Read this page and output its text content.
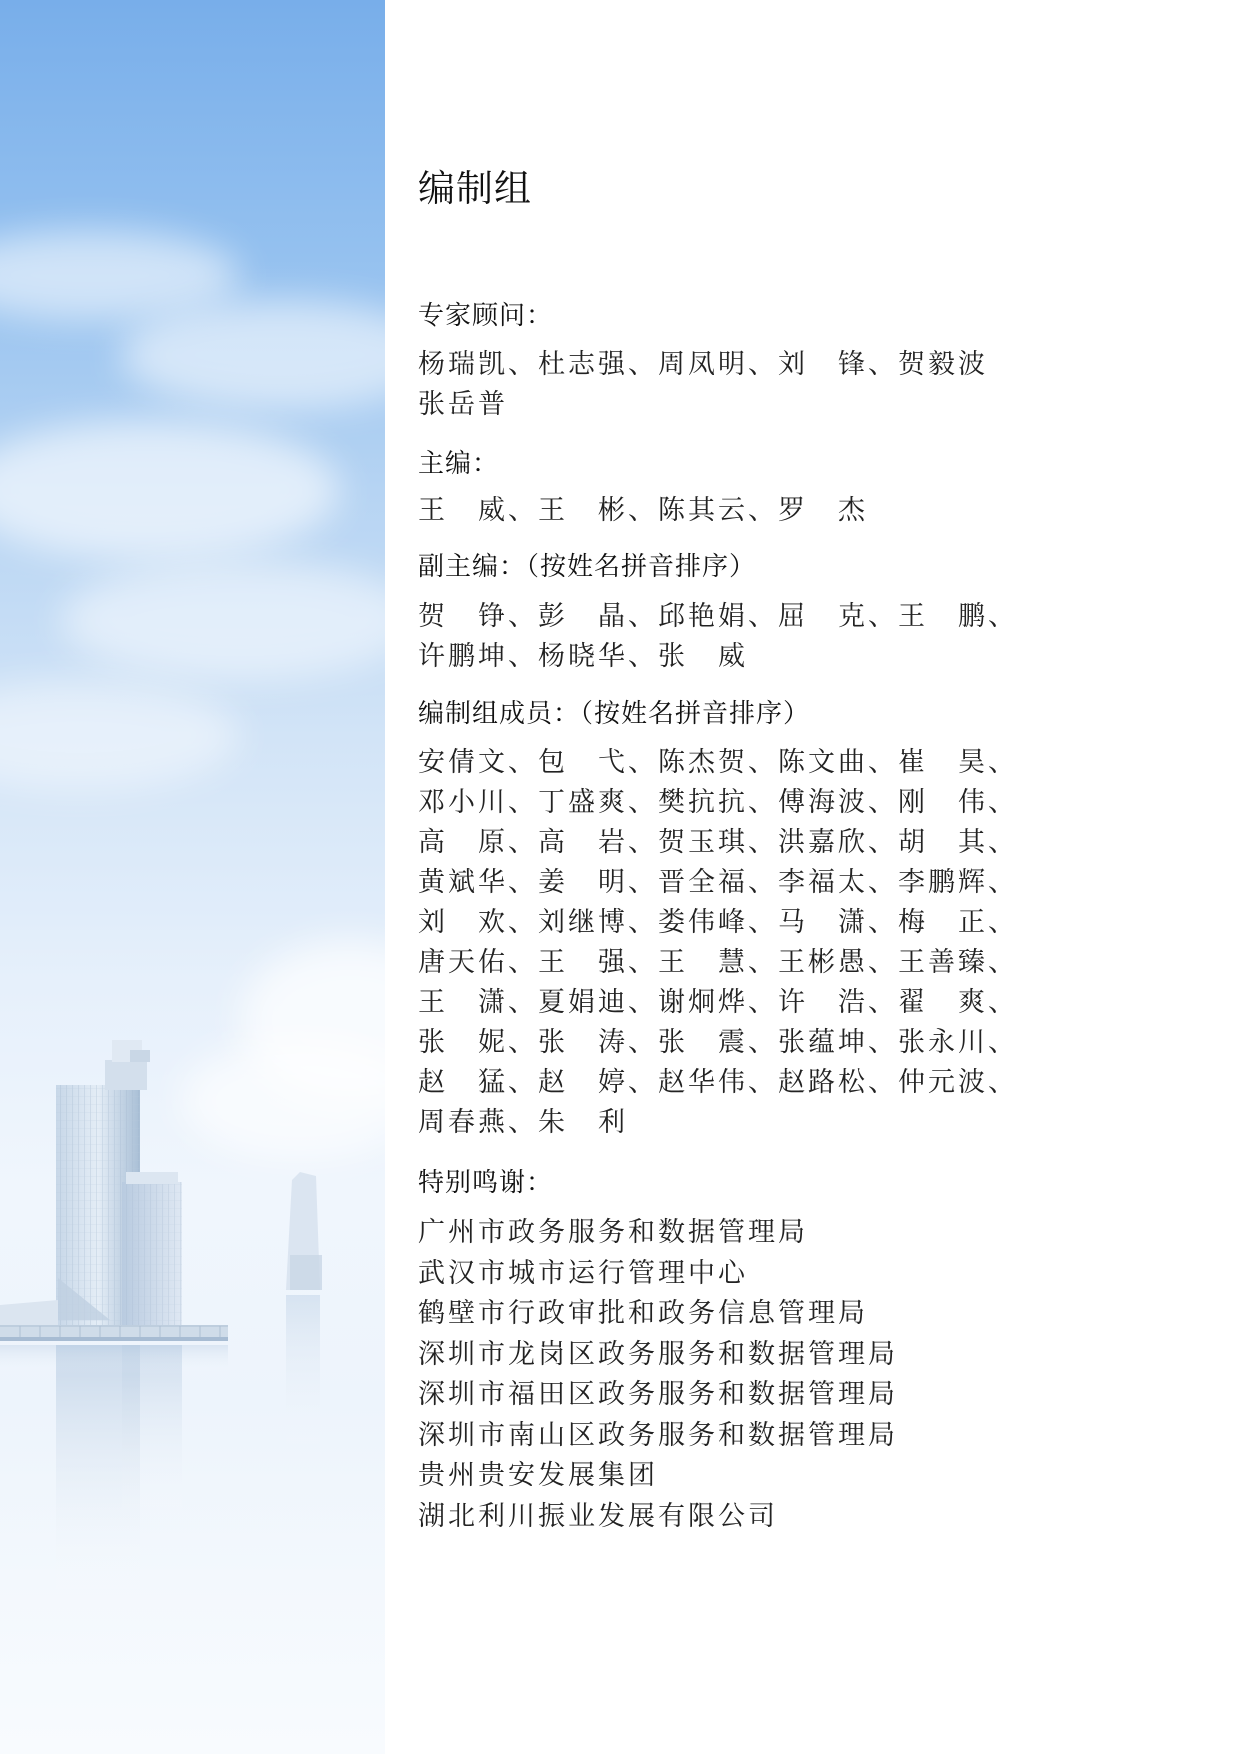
编制组
专家顾问：
杨瑞凯、杜志强、周凤明、刘　锋、贺毅波
张岳普
主编：
王　威、王　彬、陈其云、罗　杰
副主编：（按姓名拼音排序）
贺　铮、彭　晶、邱艳娟、屈　克、王　鹏、
许鹏坤、杨晓华、张　威
编制组成员：（按姓名拼音排序）
安倩文、包　弋、陈杰贺、陈文曲、崔　昊、
邓小川、丁盛爽、樊抗抗、傅海波、刚　伟、
高　原、高　岩、贺玉琪、洪嘉欣、胡　其、
黄斌华、姜　明、晋全福、李福太、李鹏辉、
刘　欢、刘继博、娄伟峰、马　潇、梅　正、
唐天佑、王　强、王　慧、王彬愚、王善臻、
王　潇、夏娟迪、谢炯烨、许　浩、翟　爽、
张　妮、张　涛、张　震、张蕴坤、张永川、
赵　猛、赵　婷、赵华伟、赵路松、仲元波、
周春燕、朱　利
特别鸣谢：
广州市政务服务和数据管理局
武汉市城市运行管理中心
鹤壁市行政审批和政务信息管理局
深圳市龙岗区政务服务和数据管理局
深圳市福田区政务服务和数据管理局
深圳市南山区政务服务和数据管理局
贵州贵安发展集团
湖北利川振业发展有限公司
